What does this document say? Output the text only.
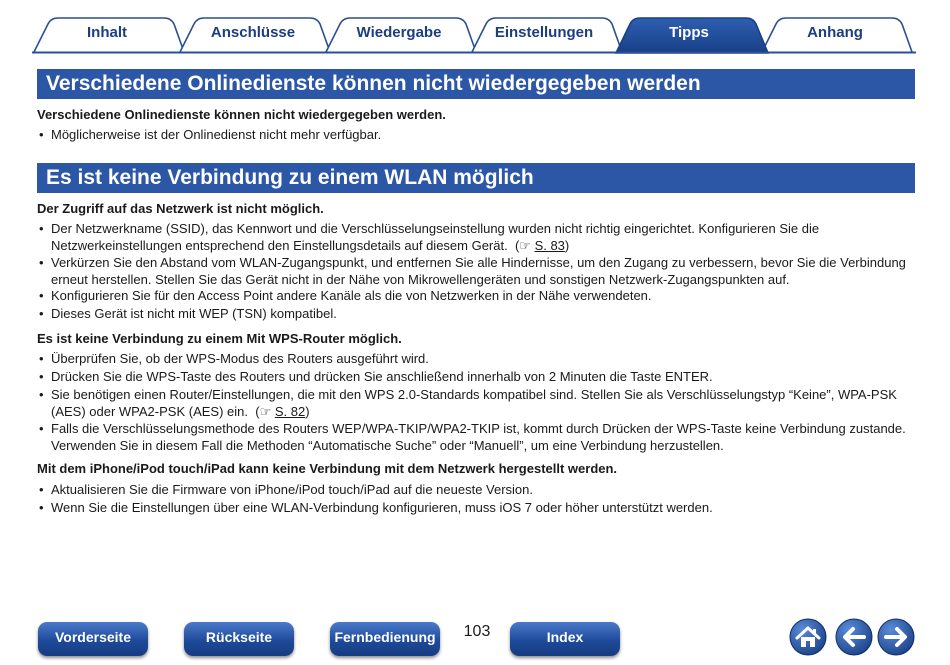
Inhalt	Anschlüsse	Wiedergabe	Einstellungen	Tipps	Anhang
Verschiedene Onlinedienste können nicht wiedergegeben werden
Verschiedene Onlinedienste können nicht wiedergegeben werden.
• Möglicherweise ist der Onlinedienst nicht mehr verfügbar.
Es ist keine Verbindung zu einem WLAN möglich
Der Zugriff auf das Netzwerk ist nicht möglich.
• Der Netzwerkname (SSID), das Kennwort und die Verschlüsselungseinstellung wurden nicht richtig eingerichtet. Konfigurieren Sie die Netzwerkeinstellungen entsprechend den Einstellungsdetails auf diesem Gerät.  (☞ S. 83)
• Verkürzen Sie den Abstand vom WLAN-Zugangspunkt, und entfernen Sie alle Hindernisse, um den Zugang zu verbessern, bevor Sie die Verbindung erneut herstellen. Stellen Sie das Gerät nicht in der Nähe von Mikrowellengeräten und sonstigen Netzwerk-Zugangspunkten auf.
• Konfigurieren Sie für den Access Point andere Kanäle als die von Netzwerken in der Nähe verwendeten.
• Dieses Gerät ist nicht mit WEP (TSN) kompatibel.
Es ist keine Verbindung zu einem Mit WPS-Router möglich.
• Überprüfen Sie, ob der WPS-Modus des Routers ausgeführt wird.
• Drücken Sie die WPS-Taste des Routers und drücken Sie anschließend innerhalb von 2 Minuten die Taste ENTER.
• Sie benötigen einen Router/Einstellungen, die mit den WPS 2.0-Standards kompatibel sind. Stellen Sie als Verschlüsselungstyp “Keine”, WPA-PSK (AES) oder WPA2-PSK (AES) ein.  (☞ S. 82)
• Falls die Verschlüsselungsmethode des Routers WEP/WPA-TKIP/WPA2-TKIP ist, kommt durch Drücken der WPS-Taste keine Verbindung zustande. Verwenden Sie in diesem Fall die Methoden “Automatische Suche” oder “Manuell”, um eine Verbindung herzustellen.
Mit dem iPhone/iPod touch/iPad kann keine Verbindung mit dem Netzwerk hergestellt werden.
• Aktualisieren Sie die Firmware von iPhone/iPod touch/iPad auf die neueste Version.
• Wenn Sie die Einstellungen über eine WLAN-Verbindung konfigurieren, muss iOS 7 oder höher unterstützt werden.
Vorderseite	Rückseite	Fernbedienung 103	Index
